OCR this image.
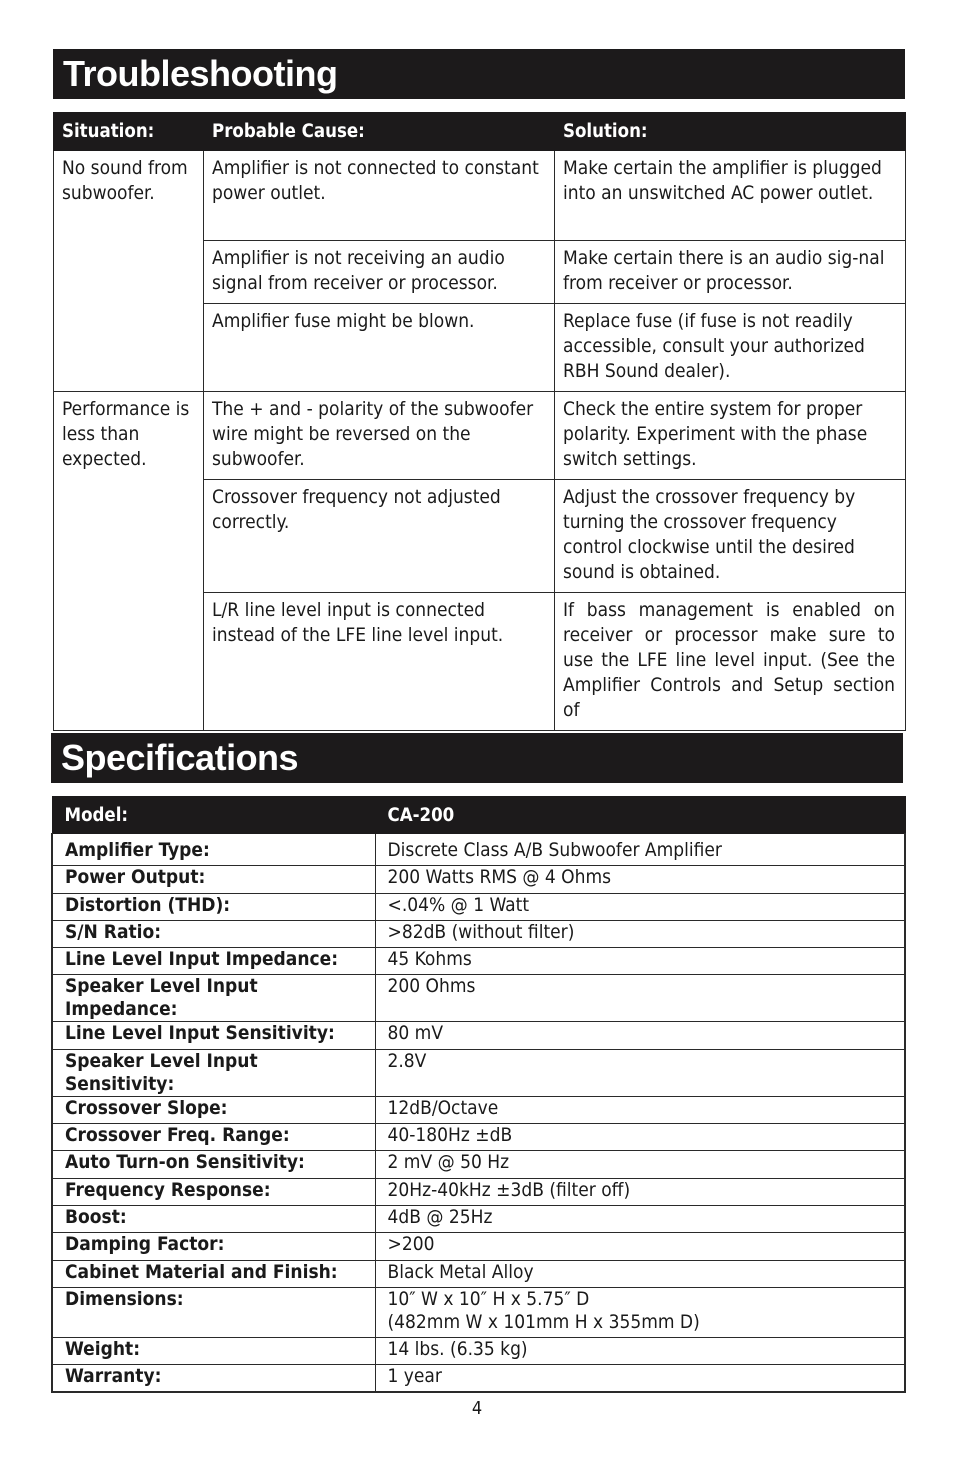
Troubleshooting
Situation:	Probable Cause:	Solution:
No sound from subwoofer.	Amplifier is not connected to constant power outlet.	Make certain the amplifier is plugged into an unswitched AC power outlet.
	Amplifier is not receiving an audio signal from receiver or processor.	Make certain there is an audio sig-nal from receiver or processor.
	Amplifier fuse might be blown.	Replace fuse (if fuse is not readily accessible, consult your authorized RBH Sound dealer).
Performance is less than expected.	The + and - polarity of the subwoofer wire might be reversed on the subwoofer.	Check the entire system for proper polarity. Experiment with the phase switch settings.
	Crossover frequency not adjusted correctly.	Adjust the crossover frequency by turning the crossover frequency control clockwise until the desired sound is obtained.
	L/R line level input is connected instead of the LFE line level input.	If bass management is enabled on receiver or processor make sure to use the LFE line level input. (See the Amplifier Controls and Setup section of
Specifications
Model:	CA-200
Amplifier Type:	Discrete Class A/B Subwoofer Amplifier

Power Output:	200 Watts RMS @ 4 Ohms

Distortion (THD):	<.04% @ 1 Watt

S/N Ratio:	>82dB (without filter)

Line Level Input Impedance:	45 Kohms

Speaker Level Input Impedance:	200 Ohms

Line Level Input Sensitivity:	80 mV

Speaker Level Input Sensitivity:	2.8V

Crossover Slope:	12dB/Octave

Crossover Freq. Range:	40-180Hz ±dB

Auto Turn-on Sensitivity:	2 mV @ 50 Hz

Frequency Response:	20Hz-40kHz ±3dB (filter off)

Boost:	4dB @ 25Hz

Damping Factor:	>200

Cabinet Material and Finish:	Black Metal Alloy

Dimensions:	10″ W x 10″ H x 5.75″ D
(482mm W x 101mm H x 355mm D)

Weight:	14 lbs. (6.35 kg)

Warranty:	1 year
4
